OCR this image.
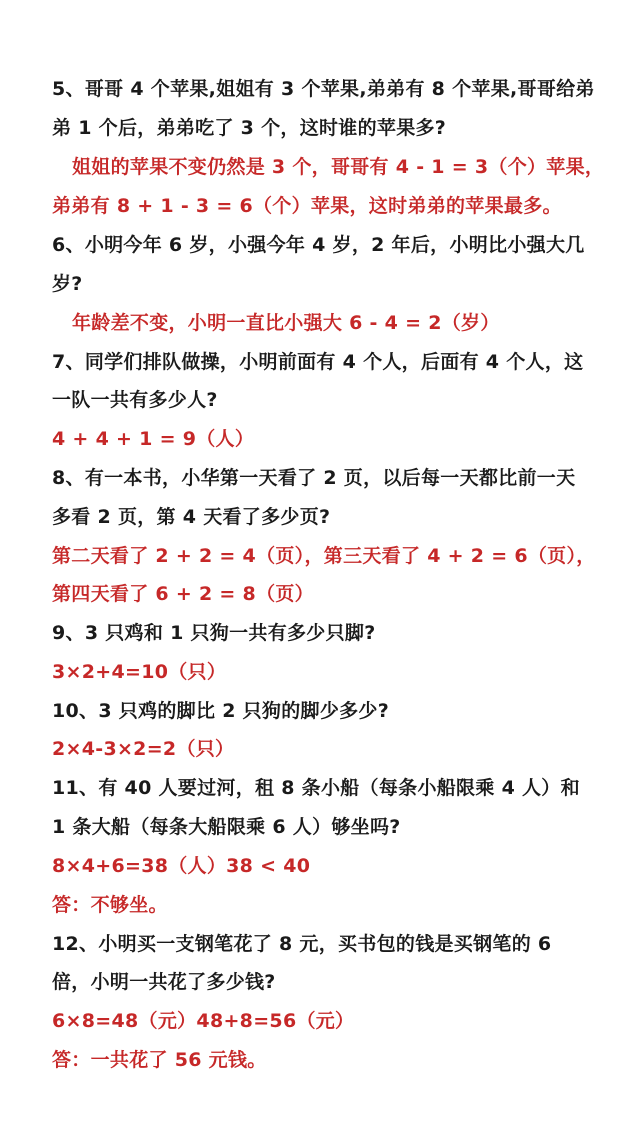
5、哥哥 4 个苹果,姐姐有 3 个苹果,弟弟有 8 个苹果,哥哥给弟
弟 1 个后，弟弟吃了 3 个，这时谁的苹果多?
姐姐的苹果不变仍然是 3 个，哥哥有 4 - 1 = 3（个）苹果，
弟弟有 8 + 1 - 3 = 6（个）苹果，这时弟弟的苹果最多。
6、小明今年 6 岁，小强今年 4 岁，2 年后，小明比小强大几
岁?
年龄差不变，小明一直比小强大 6 - 4 = 2（岁）
7、同学们排队做操，小明前面有 4 个人，后面有 4 个人，这
一队一共有多少人?
4 + 4 + 1 = 9（人）
8、有一本书，小华第一天看了 2 页，以后每一天都比前一天
多看 2 页，第 4 天看了多少页?
第二天看了 2 + 2 = 4（页），第三天看了 4 + 2 = 6（页），
第四天看了 6 + 2 = 8（页）
9、3 只鸡和 1 只狗一共有多少只脚?
3×2+4=10（只）
10、3 只鸡的脚比 2 只狗的脚少多少?
2×4-3×2=2（只）
11、有 40 人要过河，租 8 条小船（每条小船限乘 4 人）和
1 条大船（每条大船限乘 6 人）够坐吗?
8×4+6=38（人）38 < 40
答：不够坐。
12、小明买一支钢笔花了 8 元，买书包的钱是买钢笔的 6
倍，小明一共花了多少钱?
6×8=48（元）48+8=56（元）
答：一共花了 56 元钱。
